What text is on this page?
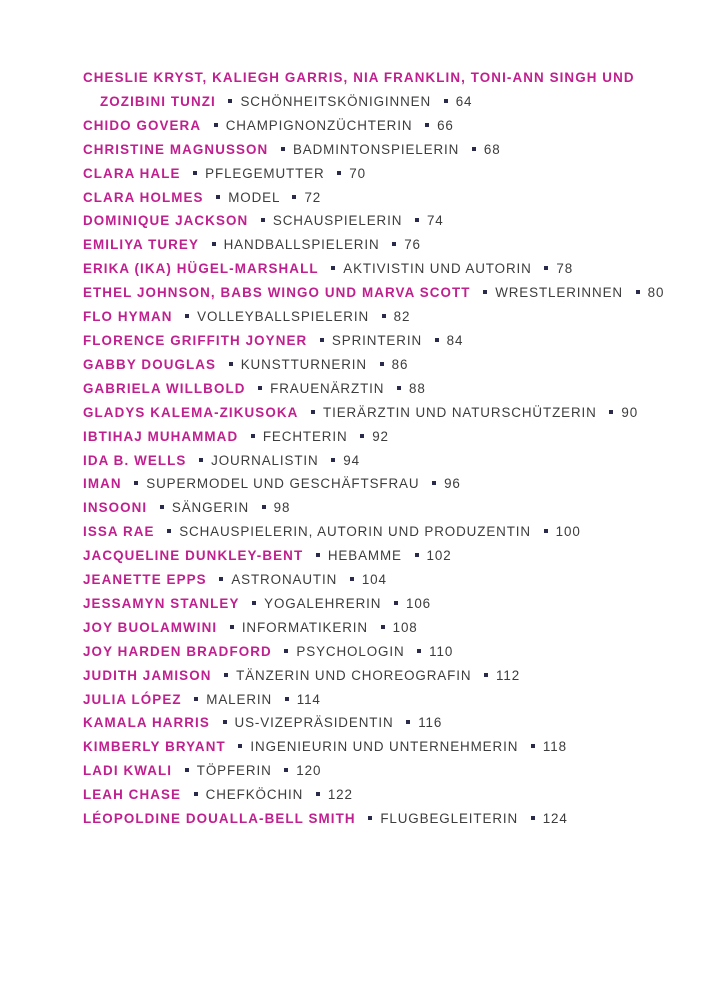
CHESLIE KRYST, KALIEGH GARRIS, NIA FRANKLIN, TONI-ANN SINGH UND ZOZIBINI TUNZI SCHÖNHEITSKÖNIGINNEN 64

CHIDO GOVERA CHAMPIGNONZÜCHTERIN 66

CHRISTINE MAGNUSSON BADMINTONSPIELERIN 68

CLARA HALE PFLEGEMUTTER 70

CLARA HOLMES MODEL 72

DOMINIQUE JACKSON SCHAUSPIELERIN 74

EMILIYA TUREY HANDBALLSPIELERIN 76

ERIKA (IKA) HÜGEL-MARSHALL AKTIVISTIN UND AUTORIN 78

ETHEL JOHNSON, BABS WINGO UND MARVA SCOTT WRESTLERINNEN 80

FLO HYMAN VOLLEYBALLSPIELERIN 82

FLORENCE GRIFFITH JOYNER SPRINTERIN 84

GABBY DOUGLAS KUNSTTURNERIN 86

GABRIELA WILLBOLD FRAUENÄRZTIN 88

GLADYS KALEMA-ZIKUSOKA TIERÄRZTIN UND NATURSCHÜTZERIN 90

IBTIHAJ MUHAMMAD FECHTERIN 92

IDA B. WELLS JOURNALISTIN 94

IMAN SUPERMODEL UND GESCHÄFTSFRAU 96

INSOONI SÄNGERIN 98

ISSA RAE SCHAUSPIELERIN, AUTORIN UND PRODUZENTIN 100

JACQUELINE DUNKLEY-BENT HEBAMME 102

JEANETTE EPPS ASTRONAUTIN 104

JESSAMYN STANLEY YOGALEHRERIN 106

JOY BUOLAMWINI INFORMATIKERIN 108

JOY HARDEN BRADFORD PSYCHOLOGIN 110

JUDITH JAMISON TÄNZERIN UND CHOREOGRAFIN 112

JULIA LÓPEZ MALERIN 114

KAMALA HARRIS US-VIZEPRÄSIDENTIN 116

KIMBERLY BRYANT INGENIEURIN UND UNTERNEHMERIN 118

LADI KWALI TÖPFERIN 120

LEAH CHASE CHEFKÖCHIN 122

LÉOPOLDINE DOUALLA-BELL SMITH FLUGBEGLEITERIN 124
